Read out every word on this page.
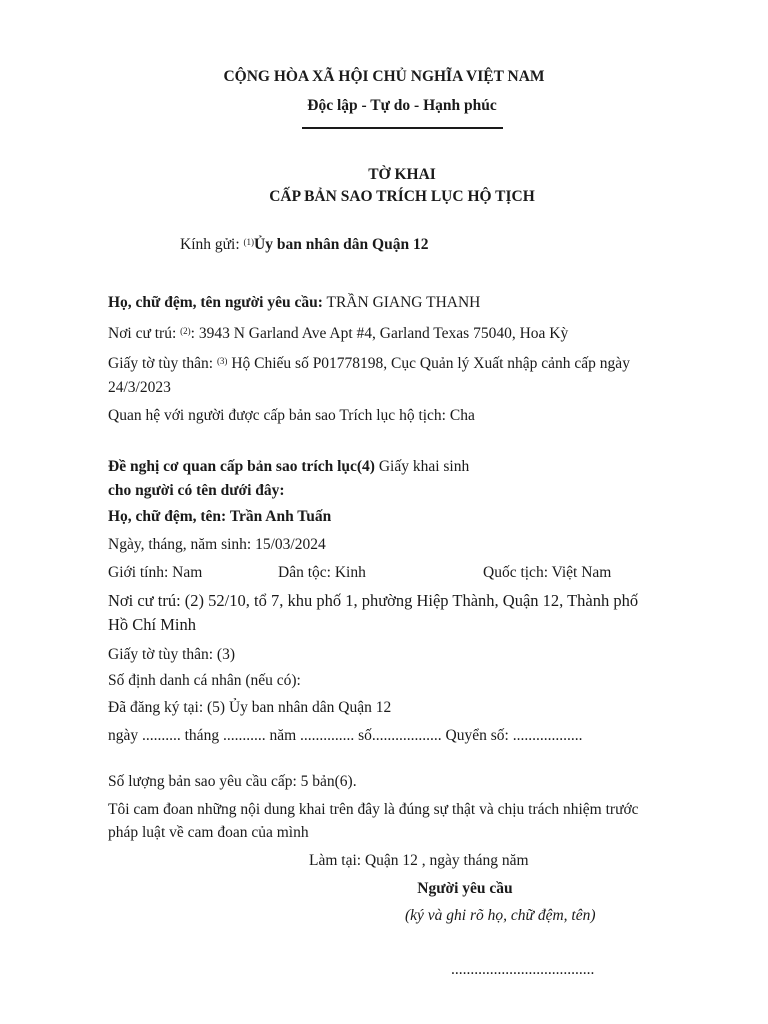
CỘNG HÒA XÃ HỘI CHỦ NGHĨA VIỆT NAM
Độc lập - Tự do - Hạnh phúc
TỜ KHAI
CẤP BẢN SAO TRÍCH LỤC HỘ TỊCH
Kính gửi: $^{(1)}$Ủy ban nhân dân Quận 12
Họ, chữ đệm, tên người yêu cầu: TRẦN GIANG THANH
Nơi cư trú: $^{(2)}$: 3943 N Garland Ave Apt #4, Garland Texas 75040, Hoa Kỳ
Giấy tờ tùy thân: $^{(3)}$ Hộ Chiếu số P01778198, Cục Quản lý Xuất nhập cảnh cấp ngày
24/3/2023
Quan hệ với người được cấp bản sao Trích lục hộ tịch: Cha
Đề nghị cơ quan cấp bản sao trích lục(4) Giấy khai sinh
cho người có tên dưới đây:
Họ, chữ đệm, tên: Trần Anh Tuấn
Ngày, tháng, năm sinh: 15/03/2024
Giới tính: Nam	Dân tộc: Kinh	Quốc tịch: Việt Nam
Nơi cư trú: (2) 52/10, tổ 7, khu phố 1, phường Hiệp Thành, Quận 12, Thành phố
Hồ Chí Minh
Giấy tờ tùy thân: (3)
Số định danh cá nhân (nếu có):
Đã đăng ký tại: (5) Ủy ban nhân dân Quận 12
ngày .......... tháng ........... năm .............. số.................. Quyển số: ..................
Số lượng bản sao yêu cầu cấp: 5 bản(6).
Tôi cam đoan những nội dung khai trên đây là đúng sự thật và chịu trách nhiệm trước
pháp luật về cam đoan của mình
Làm tại: Quận 12 , ngày tháng năm
Người yêu cầu
(ký và ghi rõ họ, chữ đệm, tên)
.....................................
